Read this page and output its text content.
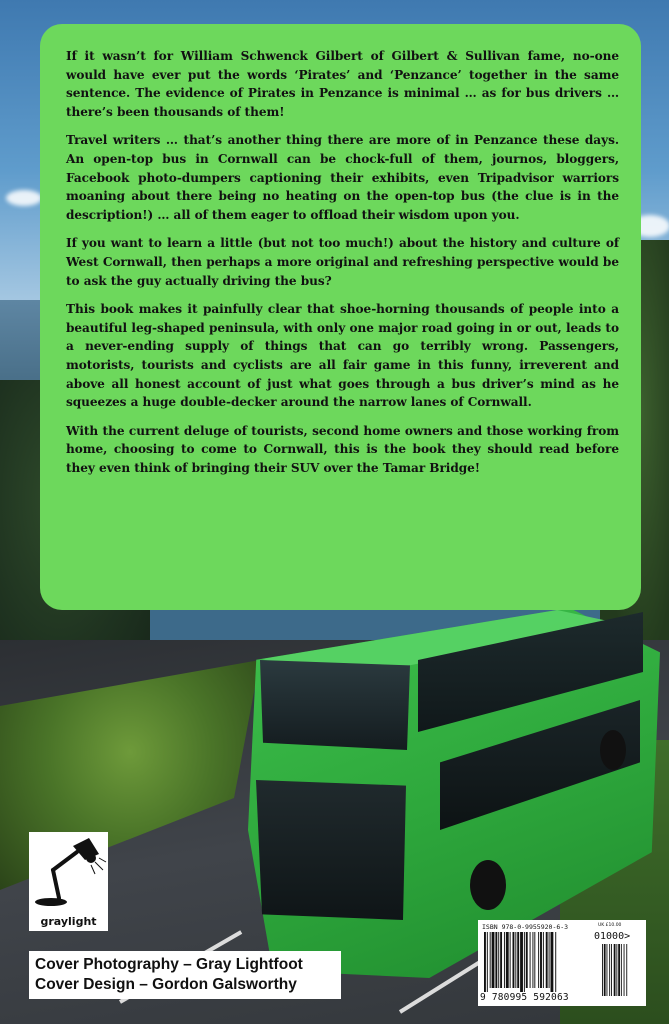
If it wasn’t for William Schwenck Gilbert of Gilbert & Sullivan fame, no-one would have ever put the words ‘Pirates’ and ‘Penzance’ together in the same sentence. The evidence of Pirates in Penzance is minimal … as for bus drivers … there’s been thousands of them!

Travel writers … that’s another thing there are more of in Penzance these days. An open-top bus in Cornwall can be chock-full of them, journos, bloggers, Facebook photo-dumpers captioning their exhibits, even Tripadvisor warriors moaning about there being no heating on the open-top bus (the clue is in the description!) … all of them eager to offload their wisdom upon you.

If you want to learn a little (but not too much!) about the history and culture of West Cornwall, then perhaps a more original and refreshing perspective would be to ask the guy actually driving the bus?

This book makes it painfully clear that shoe-horning thousands of people into a beautiful leg-shaped peninsula, with only one major road going in or out, leads to a never-ending supply of things that can go terribly wrong. Passengers, motorists, tourists and cyclists are all fair game in this funny, irreverent and above all honest account of just what goes through a bus driver’s mind as he squeezes a huge double-decker around the narrow lanes of Cornwall.

With the current deluge of tourists, second home owners and those working from home, choosing to come to Cornwall, this is the book they should read before they even think of bringing their SUV over the Tamar Bridge!

graylight
Cover Photography – Gray Lightfoot
Cover Design – Gordon Galsworthy
ISBN 978-0-9955920-6-3	UK £10.00
01000>
9 780995 592063
